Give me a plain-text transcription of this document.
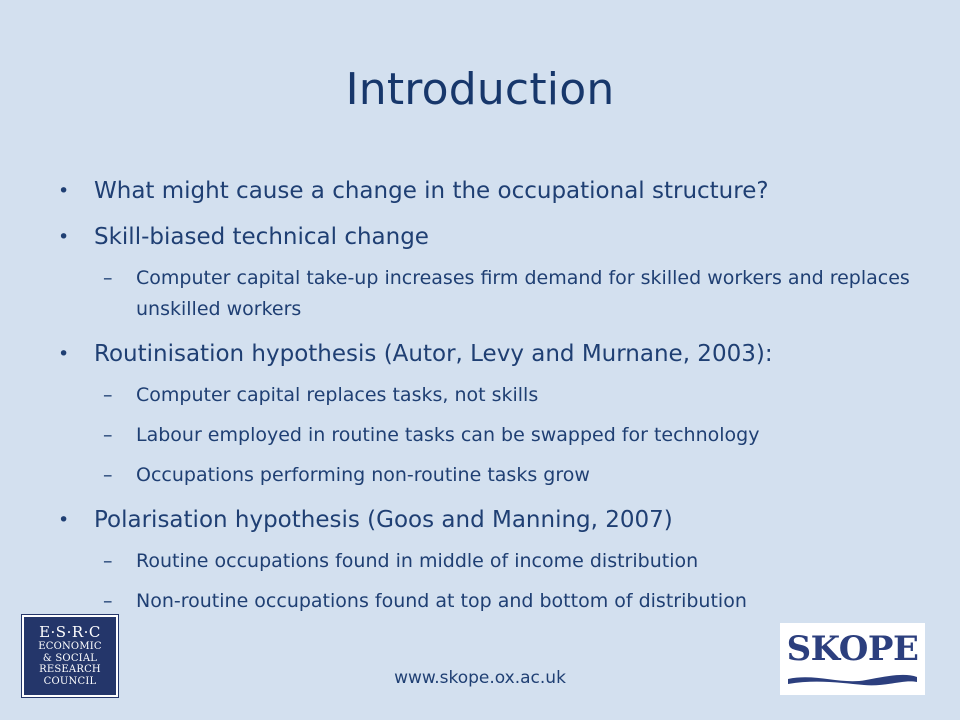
Introduction
•	What might cause a change in the occupational structure?
•	Skill-biased technical change
– Computer capital take-up increases firm demand for skilled workers and replaces unskilled workers
•	Routinisation hypothesis (Autor, Levy and Murnane, 2003):
– Computer capital replaces tasks, not skills
– Labour employed in routine tasks can be swapped for technology
– Occupations performing non-routine tasks grow
•	Polarisation hypothesis (Goos and Manning, 2007)
– Routine occupations found in middle of income distribution
– Non-routine occupations found at top and bottom of distribution
E·S·R·C
ECONOMIC
& SOCIAL
RESEARCH
COUNCIL	www.skope.ox.ac.uk
SKOPE
